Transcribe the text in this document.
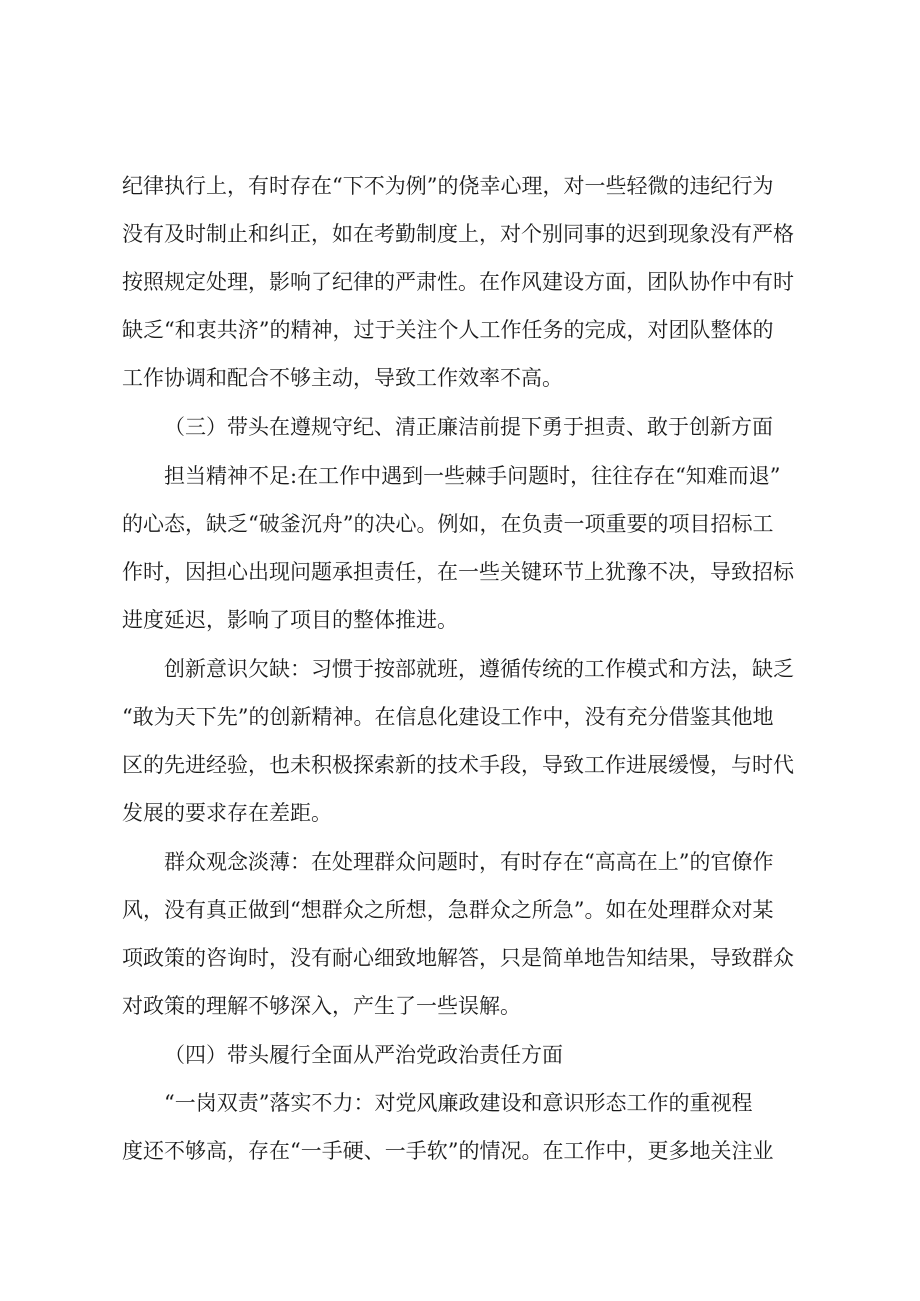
纪律执行上，有时存在“下不为例”的侥幸心理，对一些轻微的违纪行为

没有及时制止和纠正，如在考勤制度上，对个别同事的迟到现象没有严格

按照规定处理，影响了纪律的严肃性。在作风建设方面，团队协作中有时

缺乏“和衷共济”的精神，过于关注个人工作任务的完成，对团队整体的

工作协调和配合不够主动，导致工作效率不高。

（三）带头在遵规守纪、清正廉洁前提下勇于担责、敢于创新方面

担当精神不足:在工作中遇到一些棘手问题时，往往存在“知难而退”

的心态，缺乏“破釜沉舟”的决心。例如，在负责一项重要的项目招标工

作时，因担心出现问题承担责任，在一些关键环节上犹豫不决，导致招标

进度延迟，影响了项目的整体推进。

创新意识欠缺：习惯于按部就班，遵循传统的工作模式和方法，缺乏

“敢为天下先”的创新精神。在信息化建设工作中，没有充分借鉴其他地

区的先进经验，也未积极探索新的技术手段，导致工作进展缓慢，与时代

发展的要求存在差距。

群众观念淡薄：在处理群众问题时，有时存在“高高在上”的官僚作

风，没有真正做到“想群众之所想，急群众之所急”。如在处理群众对某

项政策的咨询时，没有耐心细致地解答，只是简单地告知结果，导致群众

对政策的理解不够深入，产生了一些误解。

（四）带头履行全面从严治党政治责任方面

“一岗双责”落实不力：对党风廉政建设和意识形态工作的重视程

度还不够高，存在“一手硬、一手软”的情况。在工作中，更多地关注业
